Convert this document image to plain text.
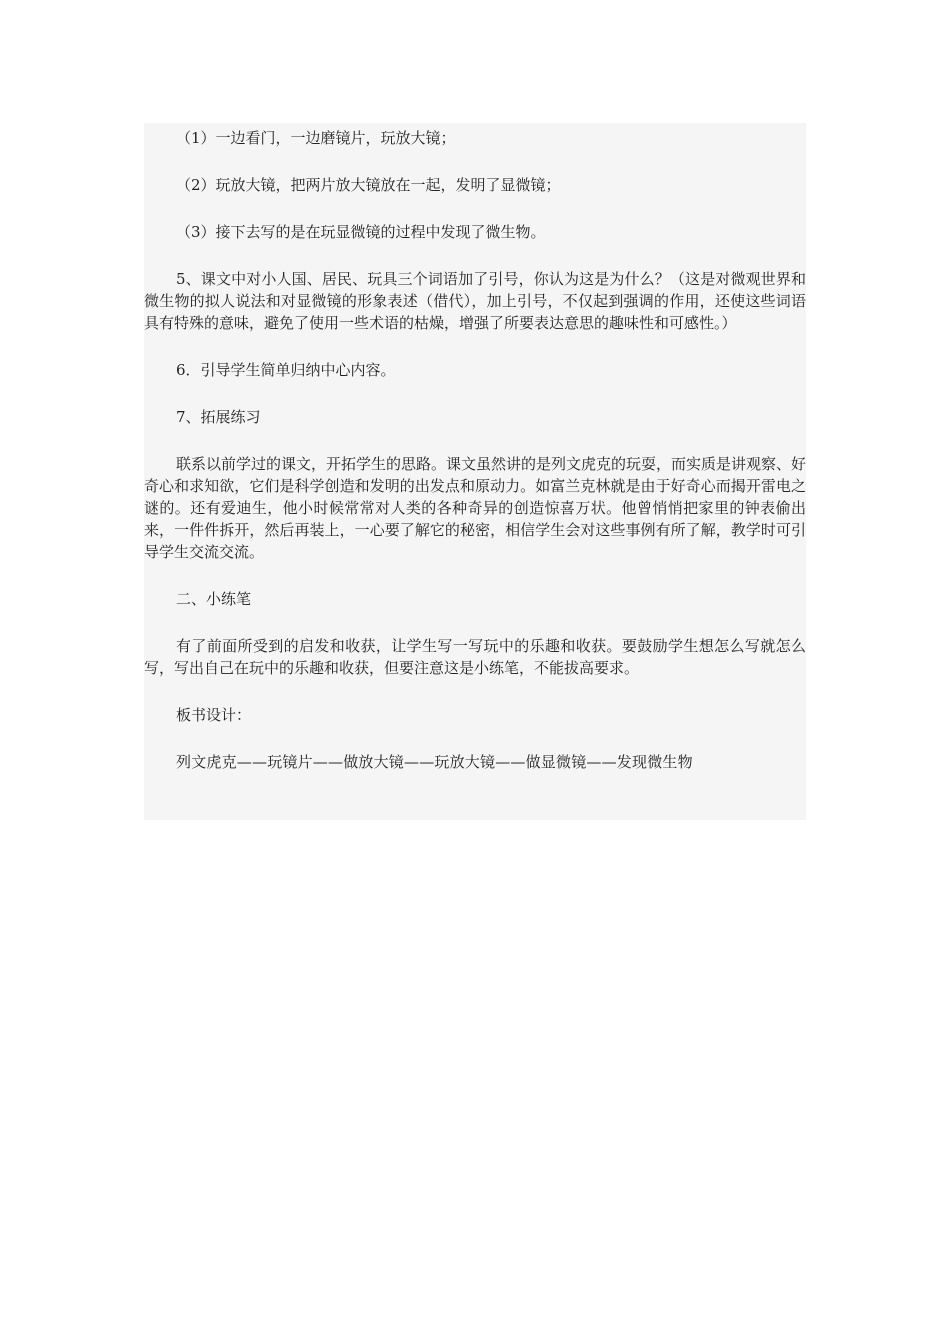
（1）一边看门，一边磨镜片，玩放大镜；

（2）玩放大镜，把两片放大镜放在一起，发明了显微镜；

（3）接下去写的是在玩显微镜的过程中发现了微生物。

5、课文中对小人国、居民、玩具三个词语加了引号，你认为这是为什么？（这是对微观世界和微生物的拟人说法和对显微镜的形象表述（借代），加上引号，不仅起到强调的作用，还使这些词语具有特殊的意味，避免了使用一些术语的枯燥，增强了所要表达意思的趣味性和可感性。）

6．引导学生简单归纳中心内容。

7、拓展练习

联系以前学过的课文，开拓学生的思路。课文虽然讲的是列文虎克的玩耍，而实质是讲观察、好奇心和求知欲，它们是科学创造和发明的出发点和原动力。如富兰克林就是由于好奇心而揭开雷电之谜的。还有爱迪生，他小时候常常对人类的各种奇异的创造惊喜万状。他曾悄悄把家里的钟表偷出来，一件件拆开，然后再装上，一心要了解它的秘密，相信学生会对这些事例有所了解，教学时可引导学生交流交流。

二、小练笔

有了前面所受到的启发和收获，让学生写一写玩中的乐趣和收获。要鼓励学生想怎么写就怎么写，写出自己在玩中的乐趣和收获，但要注意这是小练笔，不能拔高要求。

板书设计：

列文虎克——玩镜片——做放大镜——玩放大镜——做显微镜——发现微生物
